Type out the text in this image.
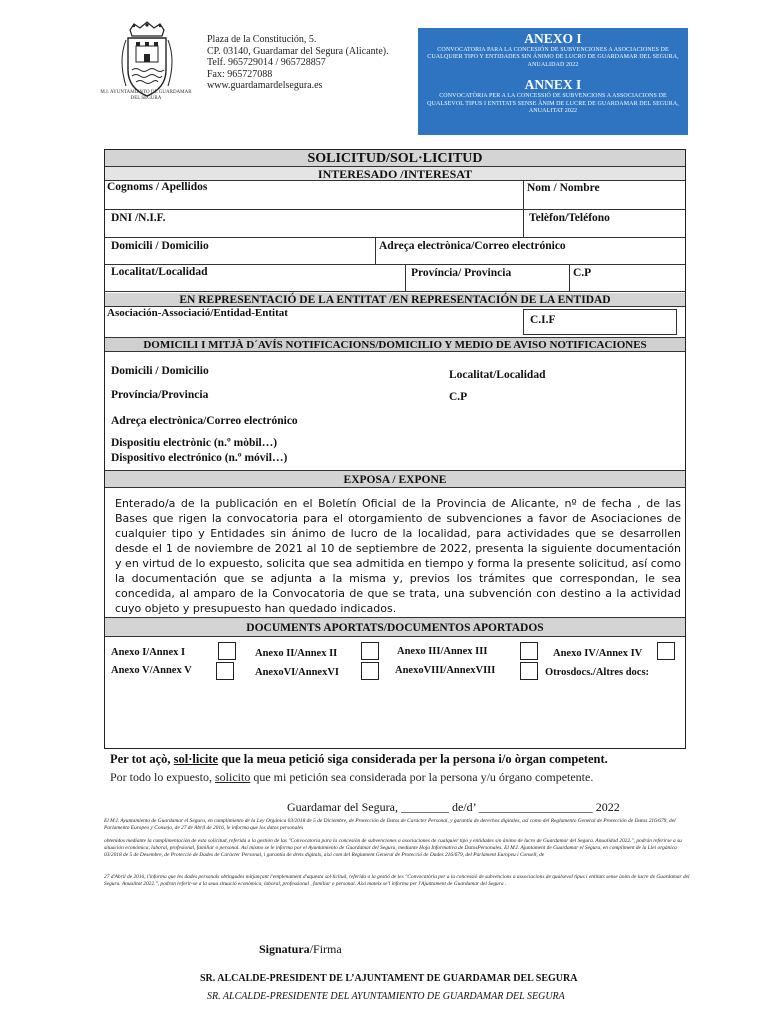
M.I. AYUNTAMIENTO DE GUARDAMAR DEL SEGURA
Plaza de la Constitución, 5.
CP. 03140, Guardamar del Segura (Alicante).
Telf. 965729014 / 965728857
Fax: 965727088
www.guardamardelsegura.es
ANEXO I
CONVOCATORIA PARA LA CONCESIÓN DE SUBVENCIONES A ASOCIACIONES DE CUALQUIER TIPO Y ENTIDADES SIN ÁNIMO DE LUCRO DE GUARDAMAR DEL SEGURA, ANUALIDAD 2022
ANNEX I
CONVOCATÒRIA PER A LA CONCESSIÓ DE SUBVENCIONS A ASSOCIACIONS DE QUALSEVOL TIPUS I ENTITATS SENSE ÀNIM DE LUCRE DE GUARDAMAR DEL SEGURA, ANUALITAT 2022
SOLICITUD/SOL·LICITUD
INTERESADO /INTERESAT
Cognoms / Apellidos	Nom / Nombre
DNI /N.I.F.	Telèfon/Teléfono
Domicili / Domicilio	Adreça electrònica/Correo electrónico
Localitat/Localidad	Província/ Provincia	C.P
EN REPRESENTACIÓ DE LA ENTITAT /EN REPRESENTACIÓN DE LA ENTIDAD
Asociación-Associació/Entidad-Entitat
C.I.F
DOMICILI I MITJÀ D´AVÍS NOTIFICACIONS/DOMICILIO Y MEDIO DE AVISO NOTIFICACIONES
Domicili / Domicilio	Localitat/Localidad
Província/Provincia	C.P
Adreça electrònica/Correo electrónico
Dispositiu electrònic (n.º mòbil…)
Dispositivo electrónico (n.º móvil…)
EXPOSA / EXPONE
Enterado/a de la publicación en el Boletín Oficial de la Provincia de Alicante, nº de fecha , de las Bases que rigen la convocatoria para el otorgamiento de subvenciones a favor de Asociaciones de cualquier tipo y Entidades sin ánimo de lucro de la localidad, para actividades que se desarrollen desde el 1 de noviembre de 2021 al 10 de septiembre de 2022, presenta la siguiente documentación y en virtud de lo expuesto, solicita que sea admitida en tiempo y forma la presente solicitud, así como la documentación que se adjunta a la misma y, previos los trámites que correspondan, le sea concedida, al amparo de la Convocatoria de que se trata, una subvención con destino a la actividad cuyo objeto y presupuesto han quedado indicados.
DOCUMENTS APORTATS/DOCUMENTOS APORTADOS
Anexo I/Annex I	Anexo II/Annex II	Anexo III/Annex III	Anexo IV/Annex IV
Anexo V/Annex V	AnexoVI/AnnexVI	AnexoVIII/AnnexVIII	Otrosdocs./Altres docs:
Per tot açò, sol·licite que la meua petició siga considerada per la persona i/o òrgan competent.
Por todo lo expuesto, solicito que mi petición sea considerada por la persona y/u órgano competente.
Guardamar del Segura, ________ de/d’ ___________________ 2022
El M.I. Ayuntamiento de Guardamar el Segura, en cumplimiento de la Ley Orgánica 03/2018 de 5 de Diciembre, de Protección de Datos de Carácter Personal, y garantía de derechos digitales, así como del Reglamento General de Protección de Datos 216/679, del Parlamento Europeo y Consejo, de 27 de Abril de 2016, le informa que los datos personales
obtenidos mediante la cumplimentación de esta solicitud, referida a la gestión de las "Convocatoria para la concesión de subvenciones a asociaciones de cualquier tipo y entidades sin ánimo de lucro de Guardamar del Segura. Anualidad 2022.", podrán referirse a su situación económica, laboral, profesional, familiar o personal. Así mismo se le informa por el Ayuntamiento de Guardamar del Segura, mediante Hoja Informativa de DatosPersonales. El M.I. Ajuntament de Guardamar el Segura, en compliment de la Llei orgànica 03/2018 de 5 de Desembre, de Protecció de Dades de Caràcter Personal, i garantia de drets digitals, així com del Reglament General de Protecció de Dades 216/679, del Parlament Europeu i Consell, de
27 d'Abril de 2016, l'informa que les dades personals obtingudes mitjançant l'emplenament d'aquesta sol·licitud, referida a la gestió de les "Convocatòria per a la concessió de subvencions a associacions de qualsevol tipus i entitats sense ànim de lucre de Guardamar del Segura. Anualitat 2022.", podran referir-se a la seua situació econòmica, laboral, professional , familiar o personal. Així mateix se'l informa per l'Ajuntament de Guardamar del Segura .
Signatura/Firma
SR. ALCALDE-PRESIDENT DE L’AJUNTAMENT DE GUARDAMAR DEL SEGURA
SR. ALCALDE-PRESIDENTE DEL AYUNTAMIENTO DE GUARDAMAR DEL SEGURA
